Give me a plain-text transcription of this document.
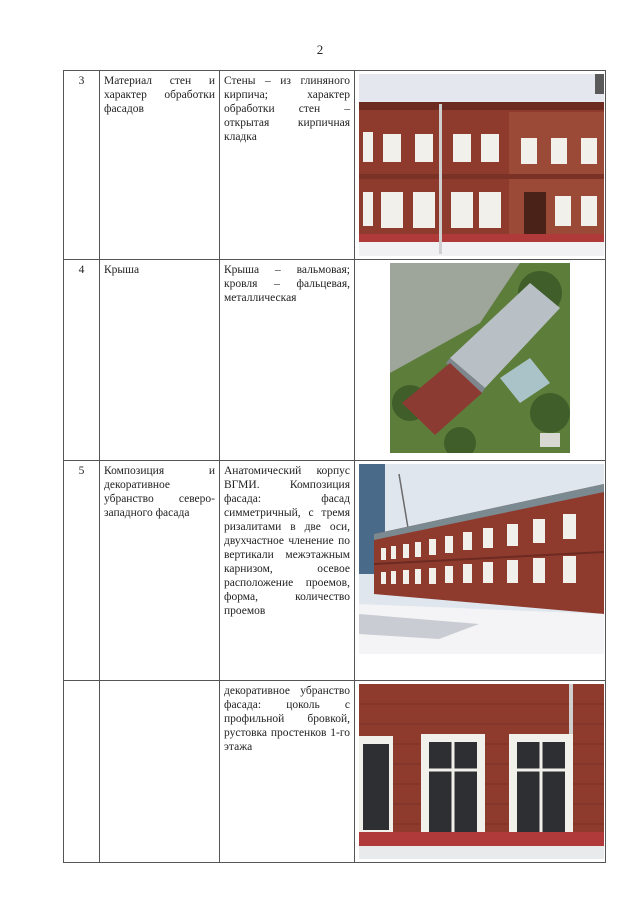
2
3	Материал стен и характер обработки фасадов	Стены – из глиняного кирпича; характер обработки стен – открытая кирпичная кладка	

4	Крыша	Крыша – вальмовая; кровля – фальцевая, металлическая	

5	Композиция и декоративное убранство северо-западного фасада	Анатомический корпус ВГМИ. Композиция фасада: фасад симметричный, с тремя ризалитами в две оси, двухчастное членение по вертикали межэтажным карнизом, осевое расположение проемов, форма, количество проемов	

		декоративное убранство фасада: цоколь с профильной бровкой, рустовка простенков 1-го этажа	
